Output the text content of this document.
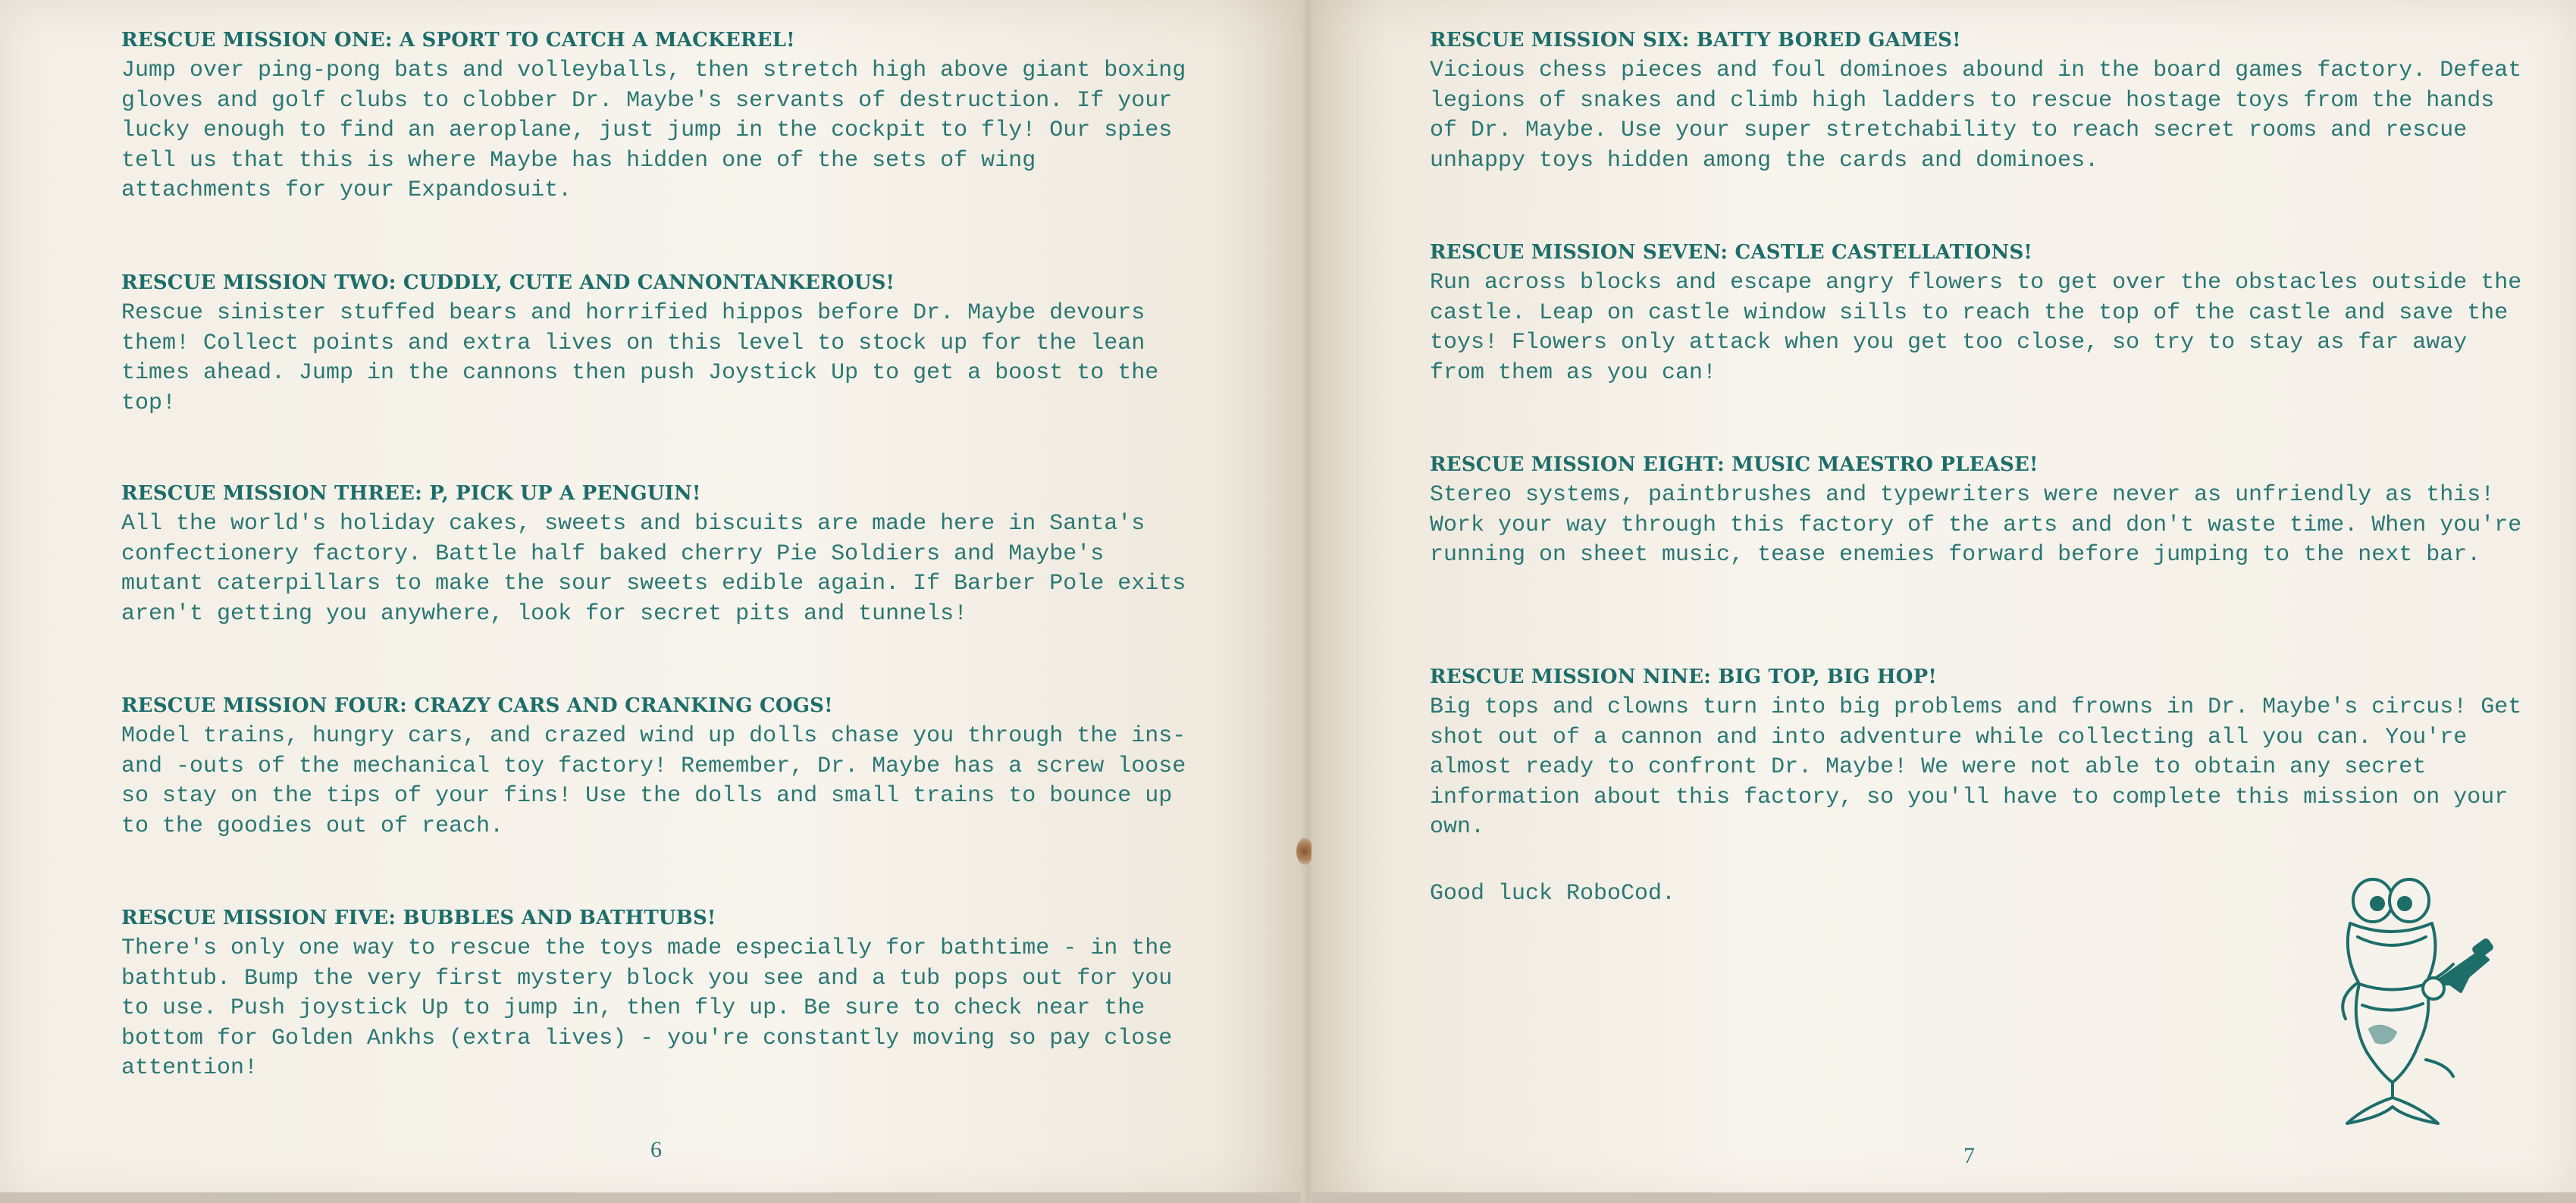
RESCUE MISSION ONE: A SPORT TO CATCH A MACKEREL!

Jump over ping-pong bats and volleyballs, then stretch high above giant boxing gloves and golf clubs to clobber Dr. Maybe's servants of destruction. If your lucky enough to find an aeroplane, just jump in the cockpit to fly! Our spies tell us that this is where Maybe has hidden one of the sets of wing attachments for your Expandosuit.

RESCUE MISSION TWO: CUDDLY, CUTE AND CANNONTANKEROUS!

Rescue sinister stuffed bears and horrified hippos before Dr. Maybe devours them! Collect points and extra lives on this level to stock up for the lean times ahead. Jump in the cannons then push Joystick Up to get a boost to the top!

RESCUE MISSION THREE: P, PICK UP A PENGUIN!

All the world's holiday cakes, sweets and biscuits are made here in Santa's confectionery factory. Battle half baked cherry Pie Soldiers and Maybe's mutant caterpillars to make the sour sweets edible again. If Barber Pole exits aren't getting you anywhere, look for secret pits and tunnels!

RESCUE MISSION FOUR: CRAZY CARS AND CRANKING COGS!

Model trains, hungry cars, and crazed wind up dolls chase you through the ins- and -outs of the mechanical toy factory! Remember, Dr. Maybe has a screw loose so stay on the tips of your fins! Use the dolls and small trains to bounce up to the goodies out of reach.

RESCUE MISSION FIVE: BUBBLES AND BATHTUBS!

There's only one way to rescue the toys made especially for bathtime - in the bathtub. Bump the very first mystery block you see and a tub pops out for you to use. Push joystick Up to jump in, then fly up. Be sure to check near the bottom for Golden Ankhs (extra lives) - you're constantly moving so pay close attention!

6
RESCUE MISSION SIX: BATTY BORED GAMES!

Vicious chess pieces and foul dominoes abound in the board games factory. Defeat legions of snakes and climb high ladders to rescue hostage toys from the hands of Dr. Maybe. Use your super stretchability to reach secret rooms and rescue unhappy toys hidden among the cards and dominoes.

RESCUE MISSION SEVEN: CASTLE CASTELLATIONS!

Run across blocks and escape angry flowers to get over the obstacles outside the castle. Leap on castle window sills to reach the top of the castle and save the toys! Flowers only attack when you get too close, so try to stay as far away from them as you can!

RESCUE MISSION EIGHT: MUSIC MAESTRO PLEASE!

Stereo systems, paintbrushes and typewriters were never as unfriendly as this! Work your way through this factory of the arts and don't waste time. When you're running on sheet music, tease enemies forward before jumping to the next bar.

RESCUE MISSION NINE: BIG TOP, BIG HOP!

Big tops and clowns turn into big problems and frowns in Dr. Maybe's circus! Get shot out of a cannon and into adventure while collecting all you can. You're almost ready to confront Dr. Maybe! We were not able to obtain any secret information about this factory, so you'll have to complete this mission on your own.

Good luck RoboCod.
7
